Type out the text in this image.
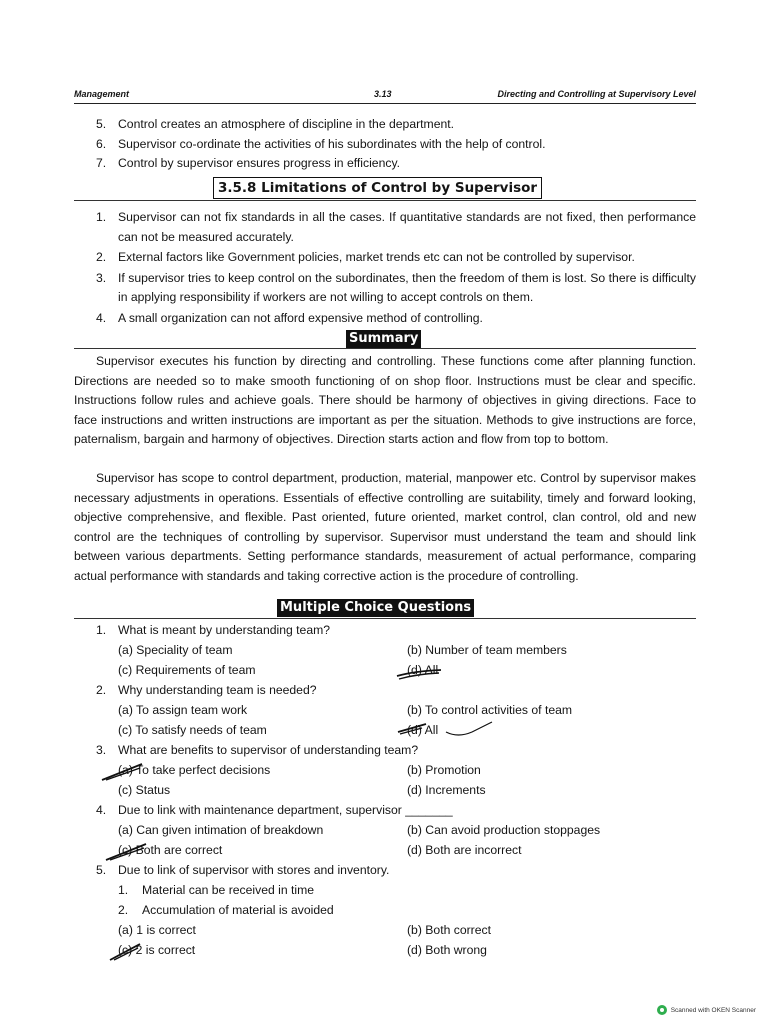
Management	3.13	Directing and Controlling at Supervisory Level
5. Control creates an atmosphere of discipline in the department.
6. Supervisor co-ordinate the activities of his subordinates with the help of control.
7. Control by supervisor ensures progress in efficiency.
3.5.8 Limitations of Control by Supervisor
1. Supervisor can not fix standards in all the cases. If quantitative standards are not fixed, then performance can not be measured accurately.
2. External factors like Government policies, market trends etc can not be controlled by supervisor.
3. If supervisor tries to keep control on the subordinates, then the freedom of them is lost. So there is difficulty in applying responsibility if workers are not willing to accept controls on them.
4. A small organization can not afford expensive method of controlling.
Summary

Supervisor executes his function by directing and controlling. These functions come after planning function. Directions are needed so to make smooth functioning of on shop floor. Instructions must be clear and specific. Instructions follow rules and achieve goals. There should be harmony of objectives in giving directions. Face to face instructions and written instructions are important as per the situation. Methods to give instructions are force, paternalism, bargain and harmony of objectives. Direction starts action and flow from top to bottom.

Supervisor has scope to control department, production, material, manpower etc. Control by supervisor makes necessary adjustments in operations. Essentials of effective controlling are suitability, timely and forward looking, objective comprehensive, and flexible. Past oriented, future oriented, market control, clan control, old and new control are the techniques of controlling by supervisor. Supervisor must understand the team and should link between various departments. Setting performance standards, measurement of actual performance, comparing actual performance with standards and taking corrective action is the procedure of controlling.

Multiple Choice Questions
1. What is meant by understanding team?
(a) Speciality of team	(b) Number of team members
(c) Requirements of team	(d) All
2. Why understanding team is needed?
(a) To assign team work	(b) To control activities of team
(c) To satisfy needs of team	(d) All
3. What are benefits to supervisor of understanding team?
(a) To take perfect decisions	(b) Promotion
(c) Status	(d) Increments
4. Due to link with maintenance department, supervisor _______
(a) Can given intimation of breakdown	(b) Can avoid production stoppages
(c) Both are correct	(d) Both are incorrect
5. Due to link of supervisor with stores and inventory.
1. Material can be received in time
2. Accumulation of material is avoided
(a) 1 is correct	(b) Both correct
(c) 2 is correct	(d) Both wrong
Scanned with OKEN Scanner
